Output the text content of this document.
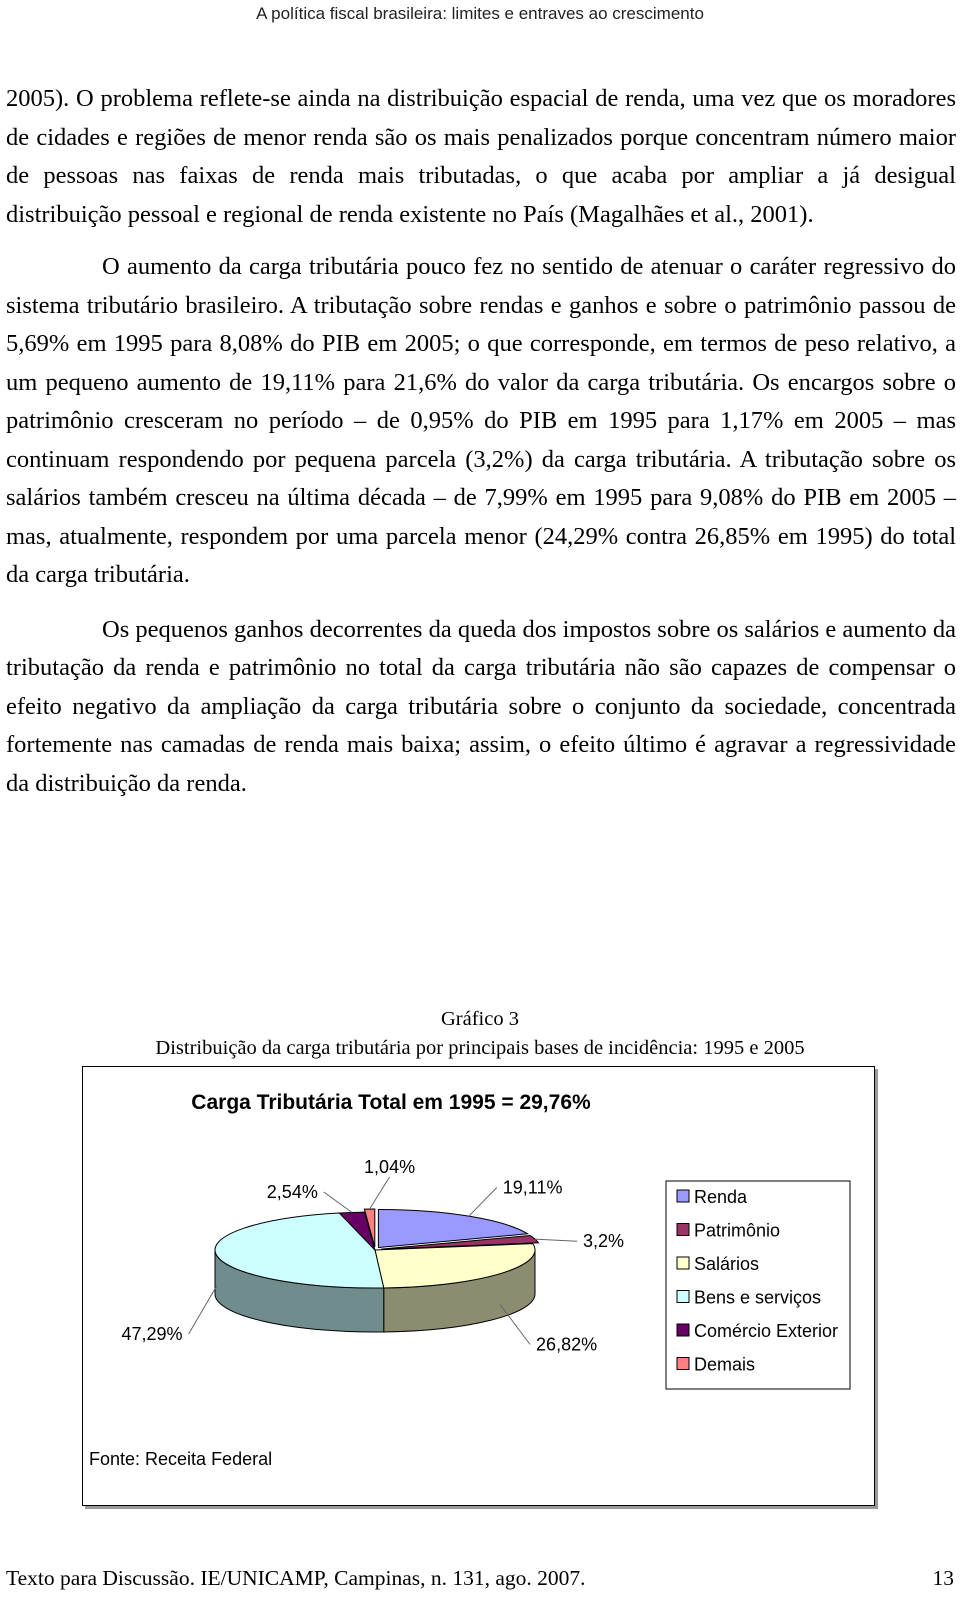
A política fiscal brasileira: limites e entraves ao crescimento

2005). O problema reflete-se ainda na distribuição espacial de renda, uma vez que os moradores de cidades e regiões de menor renda são os mais penalizados porque concentram número maior de pessoas nas faixas de renda mais tributadas, o que acaba por ampliar a já desigual distribuição pessoal e regional de renda existente no País (Magalhães et al., 2001).

O aumento da carga tributária pouco fez no sentido de atenuar o caráter regressivo do sistema tributário brasileiro. A tributação sobre rendas e ganhos e sobre o patrimônio passou de 5,69% em 1995 para 8,08% do PIB em 2005; o que corresponde, em termos de peso relativo, a um pequeno aumento de 19,11% para 21,6% do valor da carga tributária. Os encargos sobre o patrimônio cresceram no período – de 0,95% do PIB em 1995 para 1,17% em 2005 – mas continuam respondendo por pequena parcela (3,2%) da carga tributária. A tributação sobre os salários também cresceu na última década – de 7,99% em 1995 para 9,08% do PIB em 2005 – mas, atualmente, respondem por uma parcela menor (24,29% contra 26,85% em 1995) do total da carga tributária.

Os pequenos ganhos decorrentes da queda dos impostos sobre os salários e aumento da tributação da renda e patrimônio no total da carga tributária não são capazes de compensar o efeito negativo da ampliação da carga tributária sobre o conjunto da sociedade, concentrada fortemente nas camadas de renda mais baixa; assim, o efeito último é agravar a regressividade da distribuição da renda.

Gráfico 3
Distribuição da carga tributária por principais bases de incidência: 1995 e 2005
Carga Tributária Total em 1995 = 29,76%
19,11%
3,2%
26,82%
47,29%
2,54%
1,04%
Renda
Patrimônio
Salários
Bens e serviços
Comércio Exterior
Demais
Fonte: Receita Federal
Texto para Discussão. IE/UNICAMP, Campinas, n. 131, ago. 2007.	13
